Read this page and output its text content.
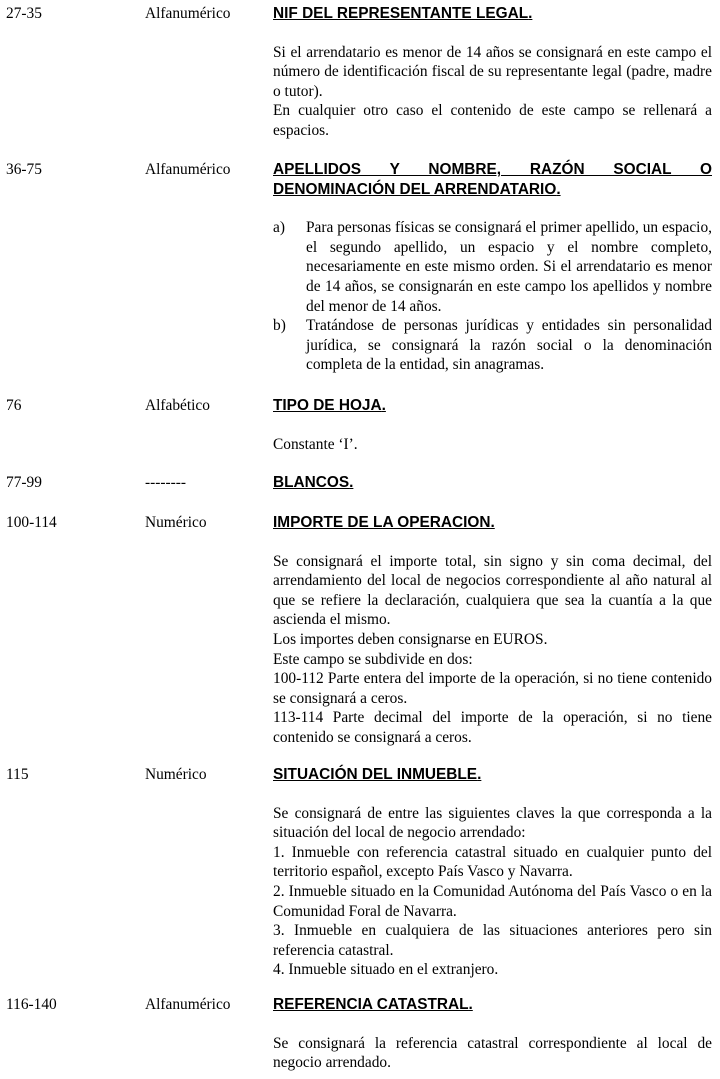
27-35	Alfanumérico	NIF DEL REPRESENTANTE LEGAL.

Si el arrendatario es menor de 14 años se consignará en este campo el número de identificación fiscal de su representante legal (padre, madre o tutor).

En cualquier otro caso el contenido de este campo se rellenará a espacios.

36-75	Alfanumérico	APELLIDOS Y NOMBRE, RAZÓN SOCIAL O DENOMINACIÓN DEL ARRENDATARIO.
a) Para personas físicas se consignará el primer apellido, un espacio, el segundo apellido, un espacio y el nombre completo, necesariamente en este mismo orden. Si el arrendatario es menor de 14 años, se consignarán en este campo los apellidos y nombre del menor de 14 años.
b) Tratándose de personas jurídicas y entidades sin personalidad jurídica, se consignará la razón social o la denominación completa de la entidad, sin anagramas.
76	Alfabético	TIPO DE HOJA.

Constante ‘I’.

77-99	--------	BLANCOS.
100-114	Numérico	IMPORTE DE LA OPERACION.

Se consignará el importe total, sin signo y sin coma decimal, del arrendamiento del local de negocios correspondiente al año natural al que se refiere la declaración, cualquiera que sea la cuantía a la que ascienda el mismo.

Los importes deben consignarse en EUROS.

Este campo se subdivide en dos:

100-112 Parte entera del importe de la operación, si no tiene contenido se consignará a ceros.

113-114 Parte decimal del importe de la operación, si no tiene contenido se consignará a ceros.

115	Numérico	SITUACIÓN DEL INMUEBLE.

Se consignará de entre las siguientes claves la que corresponda a la situación del local de negocio arrendado:

1. Inmueble con referencia catastral situado en cualquier punto del territorio español, excepto País Vasco y Navarra.

2. Inmueble situado en la Comunidad Autónoma del País Vasco o en la Comunidad Foral de Navarra.

3. Inmueble en cualquiera de las situaciones anteriores pero sin referencia catastral.

4. Inmueble situado en el extranjero.

116-140	Alfanumérico	REFERENCIA CATASTRAL.

Se consignará la referencia catastral correspondiente al local de negocio arrendado.
